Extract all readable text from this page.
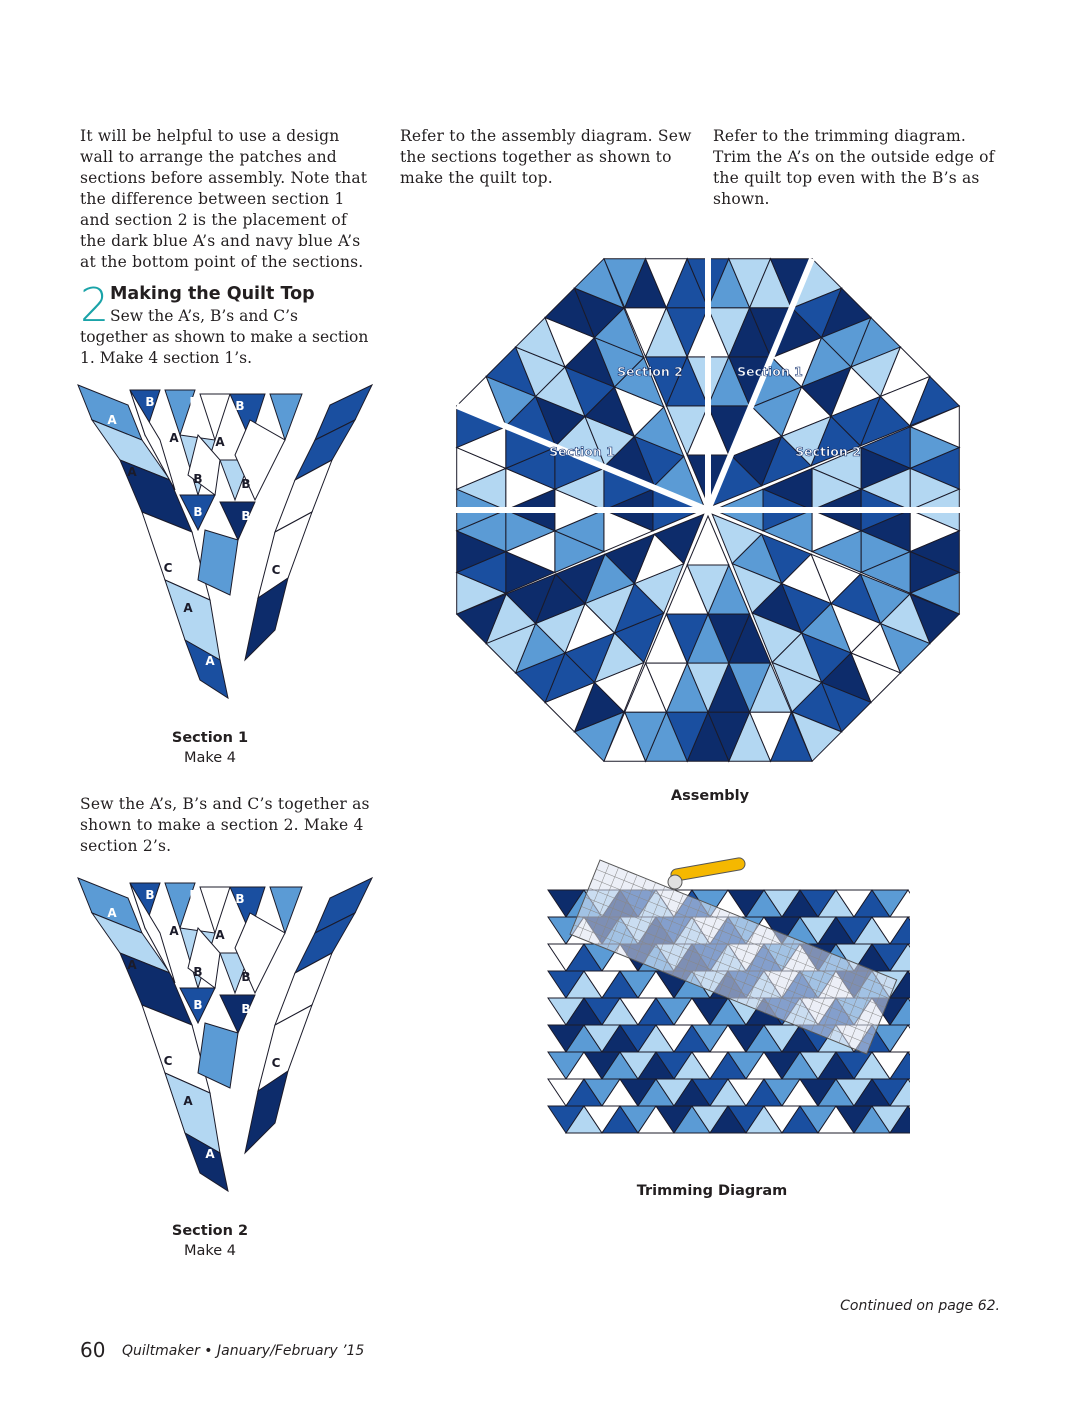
It will be helpful to use a design wall to arrange the patches and sections before assembly. Note that the difference between section 1 and section 2 is the placement of the dark blue A’s and navy blue A’s at the bottom point of the sections.

Refer to the assembly diagram. Sew the sections together as shown to make the quilt top.

Refer to the trimming diagram. Trim the A’s on the outside edge of the quilt top even with the B’s as shown.

2 Making the Quilt Top

Sew the A’s, B’s and C’s together as shown to make a section 1. Make 4 section 1’s.

A
A
A
C
A
A
B	B	B
A	A
B
B
B
B
C
Section 1
Make 4

Sew the A’s, B’s and C’s together as shown to make a section 2. Make 4 section 2’s.

A
A
A
C
A
A
B	B	B
A	A
B
B
B
B
C
Section 2
Make 4
Section 2	Section 1
Section 1	Section 2
Assembly
Trimming Diagram
Continued on page 62.
60 Quiltmaker • January/February ’15
